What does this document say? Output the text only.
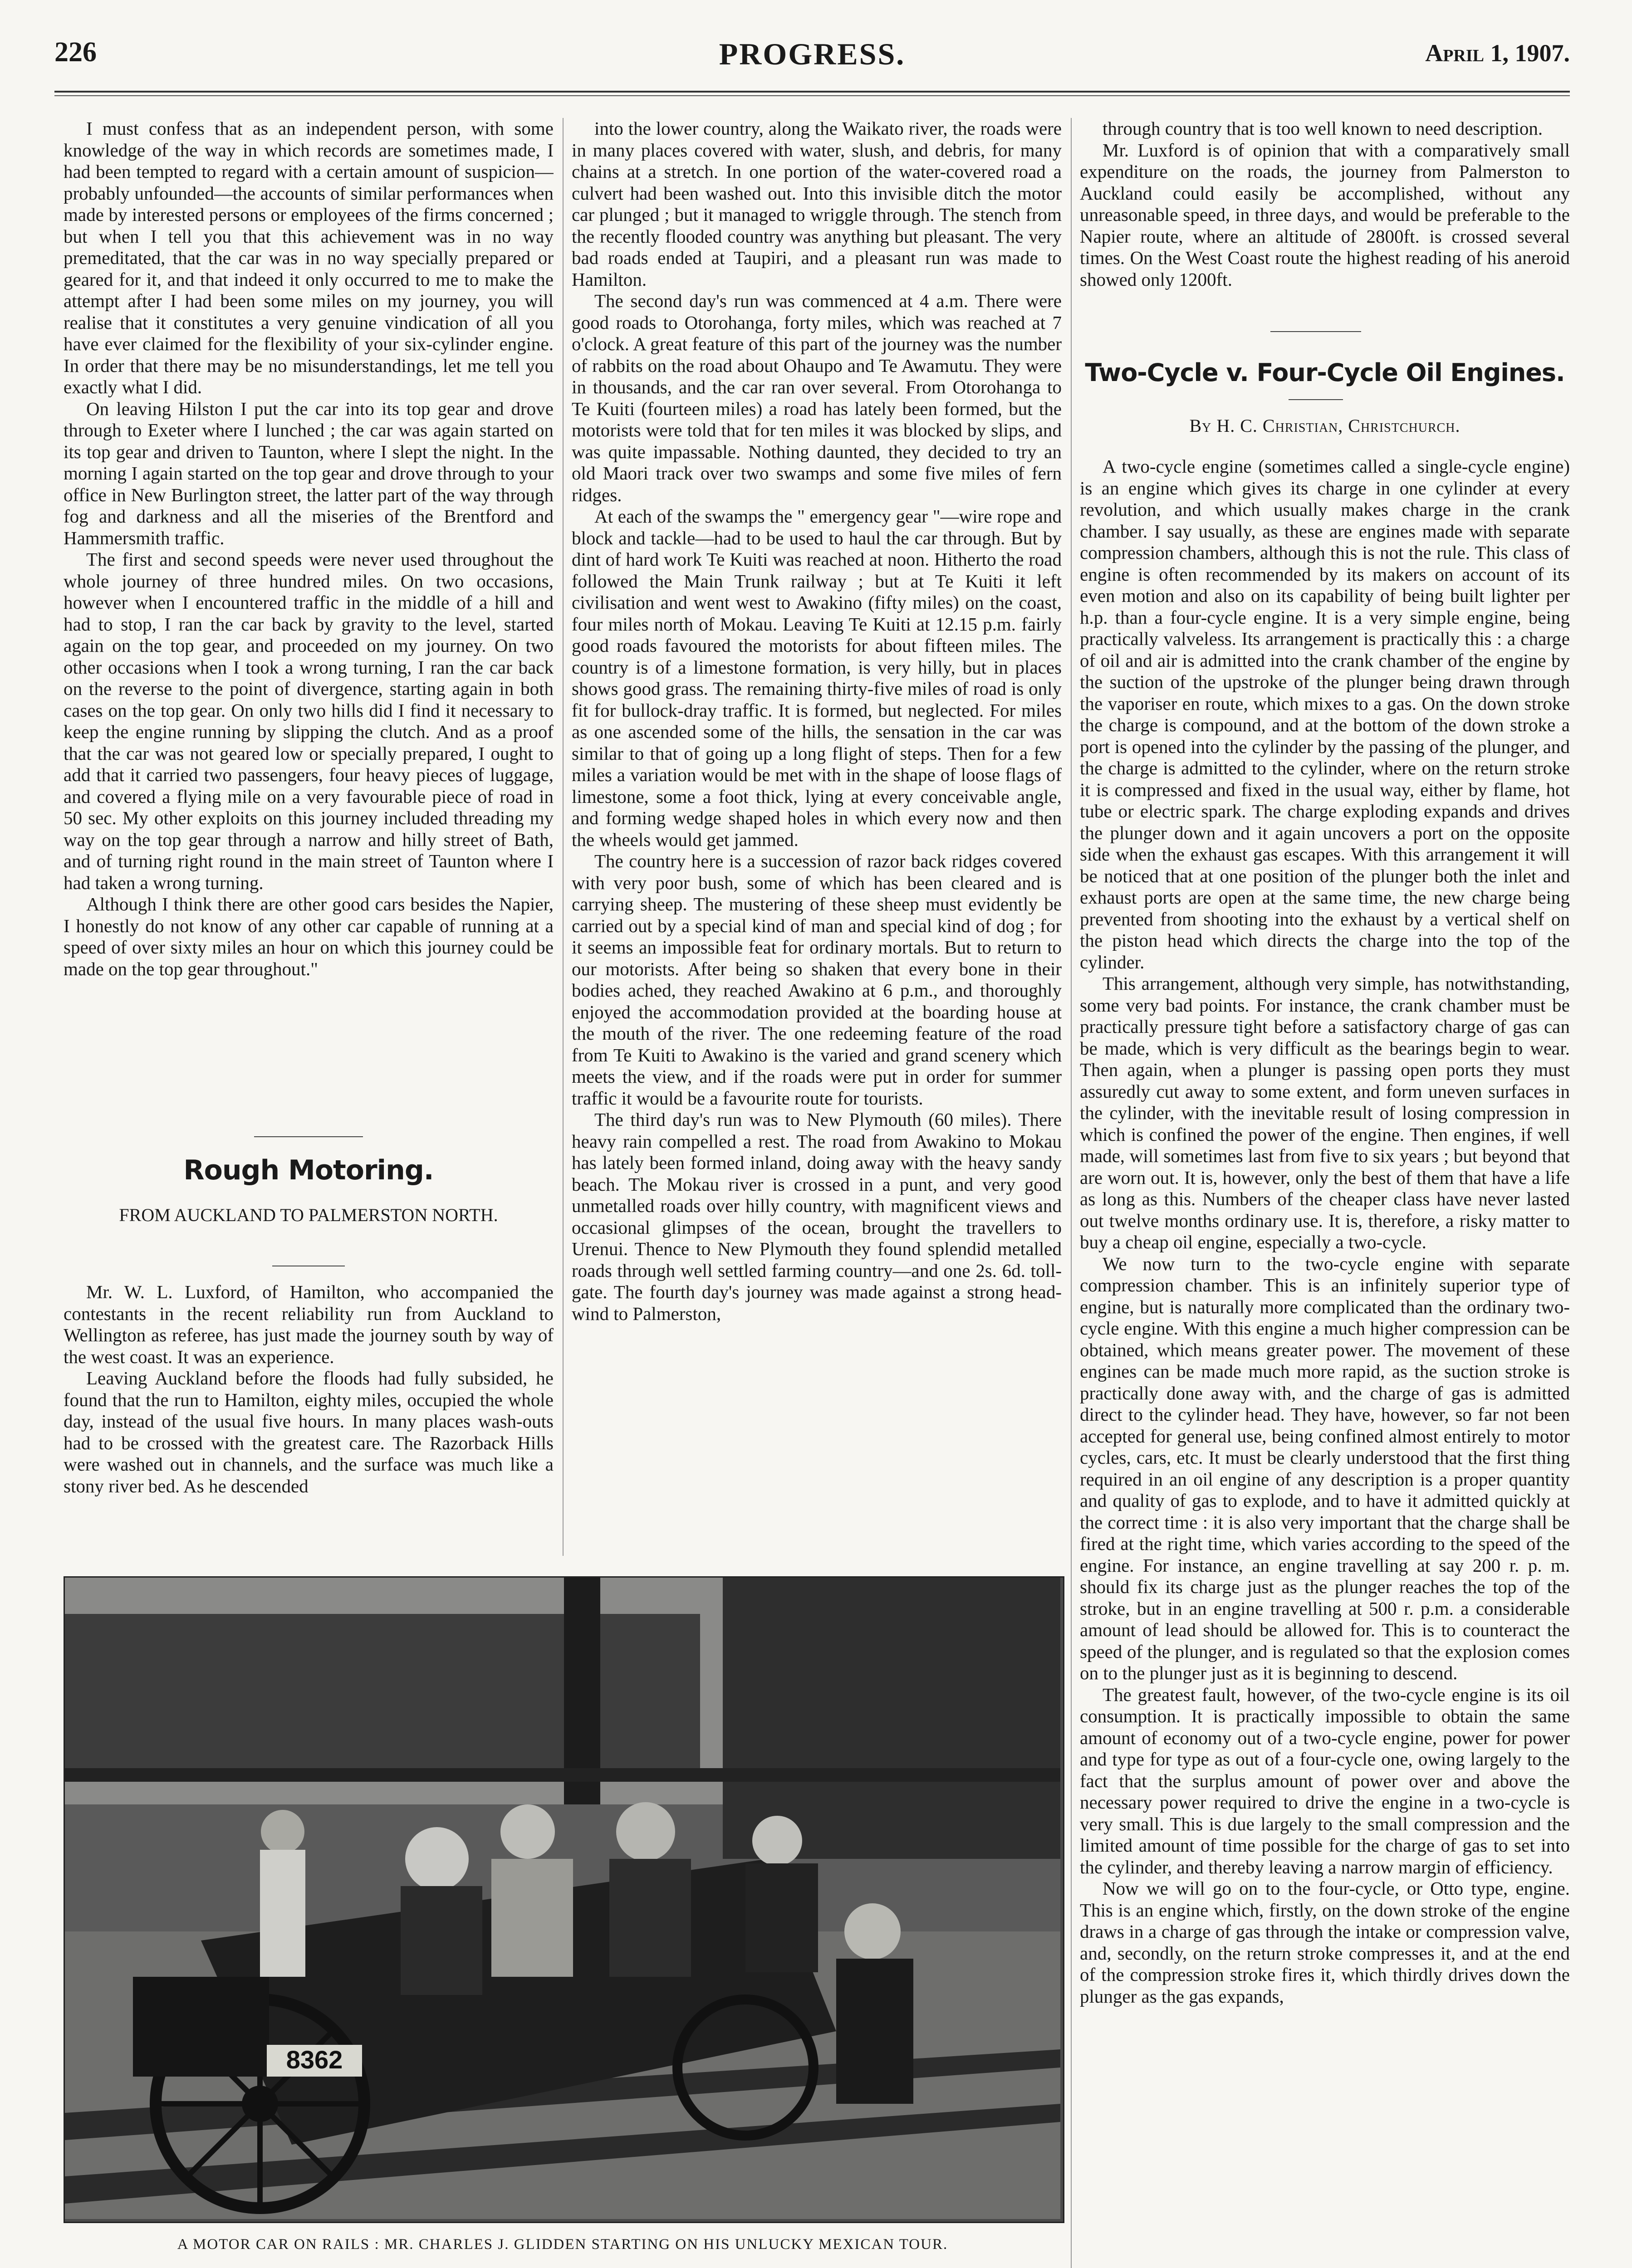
226	PROGRESS.	April 1, 1907.

I must confess that as an independent person, with some knowledge of the way in which records are sometimes made, I had been tempted to regard with a certain amount of suspicion—probably unfounded—the accounts of similar performances when made by interested persons or employees of the firms concerned ; but when I tell you that this achievement was in no way premeditated, that the car was in no way specially prepared or geared for it, and that indeed it only occurred to me to make the attempt after I had been some miles on my journey, you will realise that it constitutes a very genuine vindication of all you have ever claimed for the flexibility of your six-cylinder engine. In order that there may be no misunderstandings, let me tell you exactly what I did.

On leaving Hilston I put the car into its top gear and drove through to Exeter where I lunched ; the car was again started on its top gear and driven to Taunton, where I slept the night. In the morning I again started on the top gear and drove through to your office in New Burlington street, the latter part of the way through fog and darkness and all the miseries of the Brentford and Hammersmith traffic.

The first and second speeds were never used throughout the whole journey of three hundred miles. On two occasions, however when I encountered traffic in the middle of a hill and had to stop, I ran the car back by gravity to the level, started again on the top gear, and proceeded on my journey. On two other occasions when I took a wrong turning, I ran the car back on the reverse to the point of divergence, starting again in both cases on the top gear. On only two hills did I find it necessary to keep the engine running by slipping the clutch. And as a proof that the car was not geared low or specially prepared, I ought to add that it carried two passengers, four heavy pieces of luggage, and covered a flying mile on a very favourable piece of road in 50 sec. My other exploits on this journey included threading my way on the top gear through a narrow and hilly street of Bath, and of turning right round in the main street of Taunton where I had taken a wrong turning.

Although I think there are other good cars besides the Napier, I honestly do not know of any other car capable of running at a speed of over sixty miles an hour on which this journey could be made on the top gear throughout."

Rough Motoring.
FROM AUCKLAND TO PALMERSTON NORTH.

Mr. W. L. Luxford, of Hamilton, who accompanied the contestants in the recent reliability run from Auckland to Wellington as referee, has just made the journey south by way of the west coast. It was an experience.

Leaving Auckland before the floods had fully subsided, he found that the run to Hamilton, eighty miles, occupied the whole day, instead of the usual five hours. In many places wash-outs had to be crossed with the greatest care. The Razorback Hills were washed out in channels, and the surface was much like a stony river bed. As he descended

into the lower country, along the Waikato river, the roads were in many places covered with water, slush, and debris, for many chains at a stretch. In one portion of the water-covered road a culvert had been washed out. Into this invisible ditch the motor car plunged ; but it managed to wriggle through. The stench from the recently flooded country was anything but pleasant. The very bad roads ended at Taupiri, and a pleasant run was made to Hamilton.

The second day's run was commenced at 4 a.m. There were good roads to Otorohanga, forty miles, which was reached at 7 o'clock. A great feature of this part of the journey was the number of rabbits on the road about Ohaupo and Te Awamutu. They were in thousands, and the car ran over several. From Otorohanga to Te Kuiti (fourteen miles) a road has lately been formed, but the motorists were told that for ten miles it was blocked by slips, and was quite impassable. Nothing daunted, they decided to try an old Maori track over two swamps and some five miles of fern ridges.

At each of the swamps the " emergency gear "—wire rope and block and tackle—had to be used to haul the car through. But by dint of hard work Te Kuiti was reached at noon. Hitherto the road followed the Main Trunk railway ; but at Te Kuiti it left civilisation and went west to Awakino (fifty miles) on the coast, four miles north of Mokau. Leaving Te Kuiti at 12.15 p.m. fairly good roads favoured the motorists for about fifteen miles. The country is of a limestone formation, is very hilly, but in places shows good grass. The remaining thirty-five miles of road is only fit for bullock-dray traffic. It is formed, but neglected. For miles as one ascended some of the hills, the sensation in the car was similar to that of going up a long flight of steps. Then for a few miles a variation would be met with in the shape of loose flags of limestone, some a foot thick, lying at every conceivable angle, and forming wedge shaped holes in which every now and then the wheels would get jammed.

The country here is a succession of razor back ridges covered with very poor bush, some of which has been cleared and is carrying sheep. The mustering of these sheep must evidently be carried out by a special kind of man and special kind of dog ; for it seems an impossible feat for ordinary mortals. But to return to our motorists. After being so shaken that every bone in their bodies ached, they reached Awakino at 6 p.m., and thoroughly enjoyed the accommodation provided at the boarding house at the mouth of the river. The one redeeming feature of the road from Te Kuiti to Awakino is the varied and grand scenery which meets the view, and if the roads were put in order for summer traffic it would be a favourite route for tourists.

The third day's run was to New Plymouth (60 miles). There heavy rain compelled a rest. The road from Awakino to Mokau has lately been formed inland, doing away with the heavy sandy beach. The Mokau river is crossed in a punt, and very good unmetalled roads over hilly country, with magnificent views and occasional glimpses of the ocean, brought the travellers to Urenui. Thence to New Plymouth they found splendid metalled roads through well settled farming country—and one 2s. 6d. toll-gate. The fourth day's journey was made against a strong head-wind to Palmerston,

through country that is too well known to need description.

Mr. Luxford is of opinion that with a comparatively small expenditure on the roads, the journey from Palmerston to Auckland could easily be accomplished, without any unreasonable speed, in three days, and would be preferable to the Napier route, where an altitude of 2800ft. is crossed several times. On the West Coast route the highest reading of his aneroid showed only 1200ft.

Two-Cycle v. Four-Cycle Oil Engines.
By H. C. Christian, Christchurch.

A two-cycle engine (sometimes called a single-cycle engine) is an engine which gives its charge in one cylinder at every revolution, and which usually makes charge in the crank chamber. I say usually, as these are engines made with separate compression chambers, although this is not the rule. This class of engine is often recommended by its makers on account of its even motion and also on its capability of being built lighter per h.p. than a four-cycle engine. It is a very simple engine, being practically valveless. Its arrangement is practically this : a charge of oil and air is admitted into the crank chamber of the engine by the suction of the upstroke of the plunger being drawn through the vaporiser en route, which mixes to a gas. On the down stroke the charge is compound, and at the bottom of the down stroke a port is opened into the cylinder by the passing of the plunger, and the charge is admitted to the cylinder, where on the return stroke it is compressed and fixed in the usual way, either by flame, hot tube or electric spark. The charge exploding expands and drives the plunger down and it again uncovers a port on the opposite side when the exhaust gas escapes. With this arrangement it will be noticed that at one position of the plunger both the inlet and exhaust ports are open at the same time, the new charge being prevented from shooting into the exhaust by a vertical shelf on the piston head which directs the charge into the top of the cylinder.

This arrangement, although very simple, has notwithstanding, some very bad points. For instance, the crank chamber must be practically pressure tight before a satisfactory charge of gas can be made, which is very difficult as the bearings begin to wear. Then again, when a plunger is passing open ports they must assuredly cut away to some extent, and form uneven surfaces in the cylinder, with the inevitable result of losing compression in which is confined the power of the engine. Then engines, if well made, will sometimes last from five to six years ; but beyond that are worn out. It is, however, only the best of them that have a life as long as this. Numbers of the cheaper class have never lasted out twelve months ordinary use. It is, therefore, a risky matter to buy a cheap oil engine, especially a two-cycle.

We now turn to the two-cycle engine with separate compression chamber. This is an infinitely superior type of engine, but is naturally more complicated than the ordinary two-cycle engine. With this engine a much higher compression can be obtained, which means greater power. The movement of these engines can be made much more rapid, as the suction stroke is practically done away with, and the charge of gas is admitted direct to the cylinder head. They have, however, so far not been accepted for general use, being confined almost entirely to motor cycles, cars, etc. It must be clearly understood that the first thing required in an oil engine of any description is a proper quantity and quality of gas to explode, and to have it admitted quickly at the correct time : it is also very important that the charge shall be fired at the right time, which varies according to the speed of the engine. For instance, an engine travelling at say 200 r. p. m. should fix its charge just as the plunger reaches the top of the stroke, but in an engine travelling at 500 r. p.m. a considerable amount of lead should be allowed for. This is to counteract the speed of the plunger, and is regulated so that the explosion comes on to the plunger just as it is beginning to descend.

The greatest fault, however, of the two-cycle engine is its oil consumption. It is practically impossible to obtain the same amount of economy out of a two-cycle engine, power for power and type for type as out of a four-cycle one, owing largely to the fact that the surplus amount of power over and above the necessary power required to drive the engine in a two-cycle is very small. This is due largely to the small compression and the limited amount of time possible for the charge of gas to set into the cylinder, and thereby leaving a narrow margin of efficiency.

Now we will go on to the four-cycle, or Otto type, engine. This is an engine which, firstly, on the down stroke of the engine draws in a charge of gas through the intake or compression valve, and, secondly, on the return stroke compresses it, and at the end of the compression stroke fires it, which thirdly drives down the plunger as the gas expands,

8362
A MOTOR CAR ON RAILS : MR. CHARLES J. GLIDDEN STARTING ON HIS UNLUCKY MEXICAN TOUR.
